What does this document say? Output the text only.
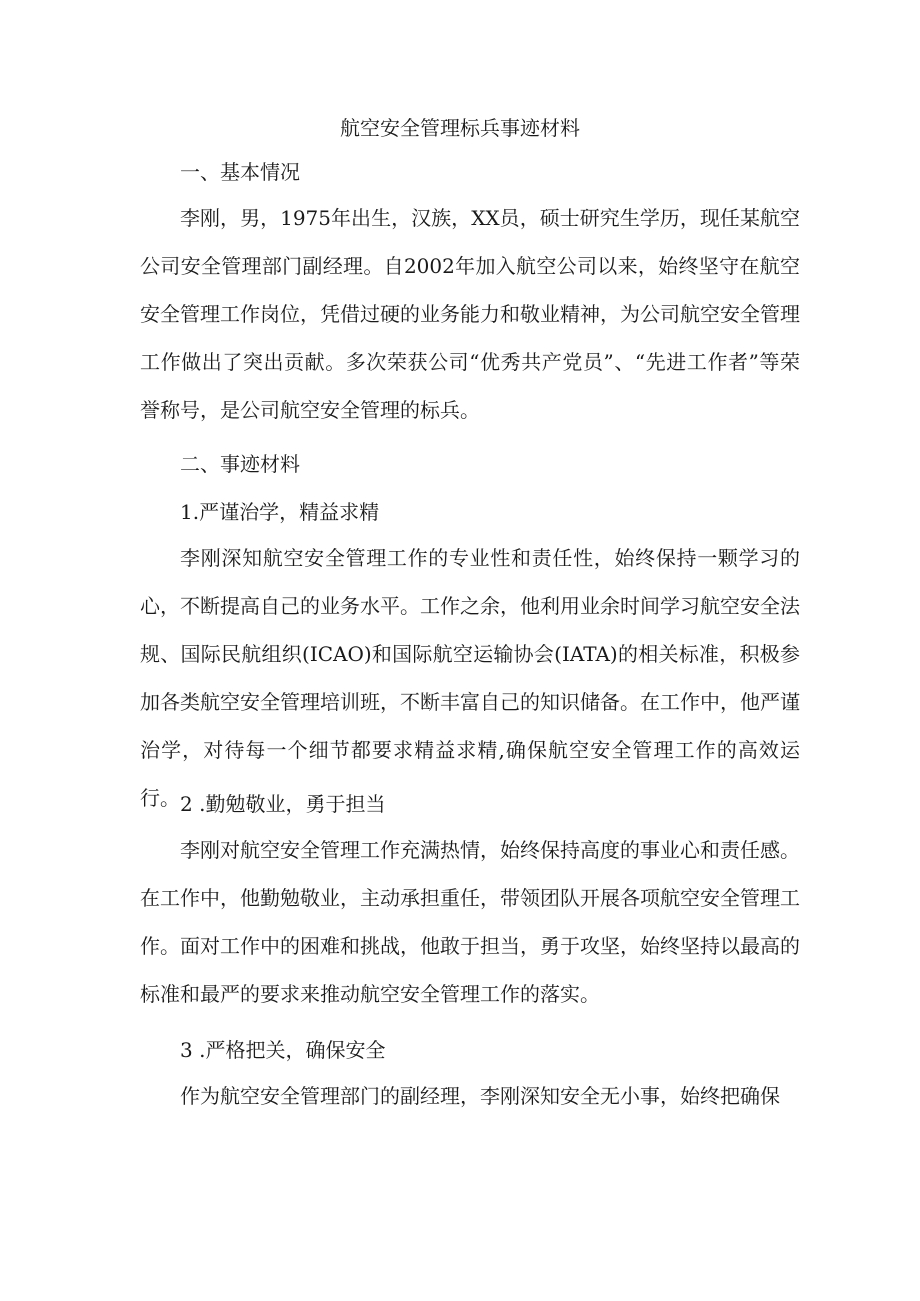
航空安全管理标兵事迹材料
一、基本情况

李刚，男，1975年出生，汉族，XX员，硕士研究生学历，现任某航空公司安全管理部门副经理。自2002年加入航空公司以来，始终坚守在航空安全管理工作岗位，凭借过硬的业务能力和敬业精神，为公司航空安全管理工作做出了突出贡献。多次荣获公司“优秀共产党员”、“先进工作者”等荣誉称号，是公司航空安全管理的标兵。

二、事迹材料
1.严谨治学，精益求精

李刚深知航空安全管理工作的专业性和责任性，始终保持一颗学习的心，不断提高自己的业务水平。工作之余，他利用业余时间学习航空安全法规、国际民航组织(ICAO)和国际航空运输协会(IATA)的相关标准，积极参加各类航空安全管理培训班，不断丰富自己的知识储备。在工作中，他严谨治学，对待每一个细节都要求精益求精,确保航空安全管理工作的高效运行。 2 .勤勉敬业，勇于担当

李刚对航空安全管理工作充满热情，始终保持高度的事业心和责任感。在工作中，他勤勉敬业，主动承担重任，带领团队开展各项航空安全管理工作。面对工作中的困难和挑战，他敢于担当，勇于攻坚，始终坚持以最高的标准和最严的要求来推动航空安全管理工作的落实。

3 .严格把关，确保安全

作为航空安全管理部门的副经理，李刚深知安全无小事，始终把确保
